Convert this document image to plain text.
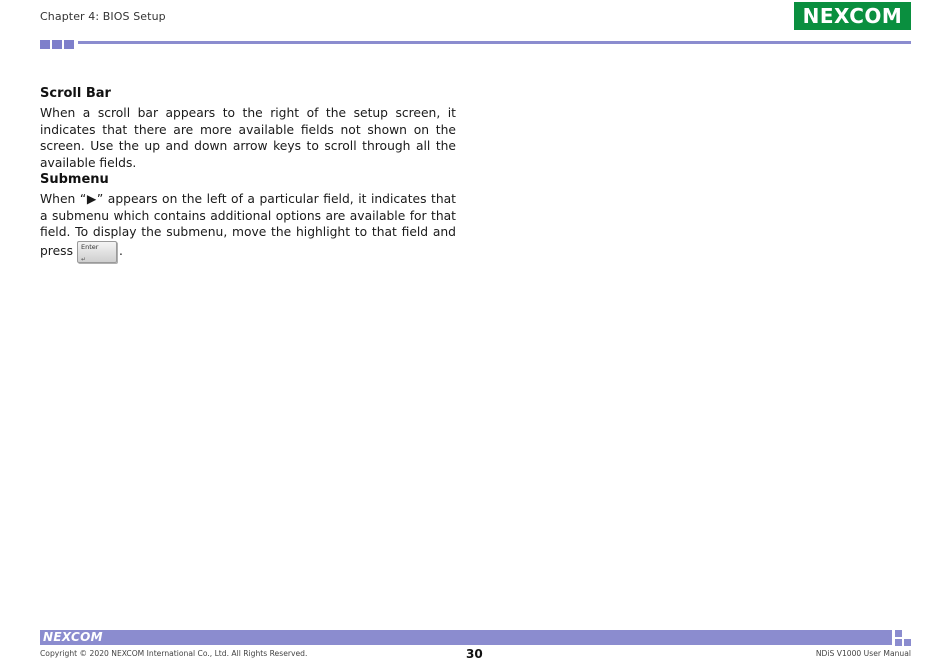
Chapter 4: BIOS Setup	NEXCOM
Scroll Bar

When a scroll bar appears to the right of the setup screen, it indicates that there are more available fields not shown on the screen. Use the up and down arrow keys to scroll through all the available fields.

Submenu

When “▶” appears on the left of a particular field, it indicates that a submenu which contains additional options are available for that field. To display the submenu, move the highlight to that field and press Enter
↵
.

NEXCOM
Copyright © 2020 NEXCOM International Co., Ltd. All Rights Reserved.	30	NDiS V1000 User Manual
